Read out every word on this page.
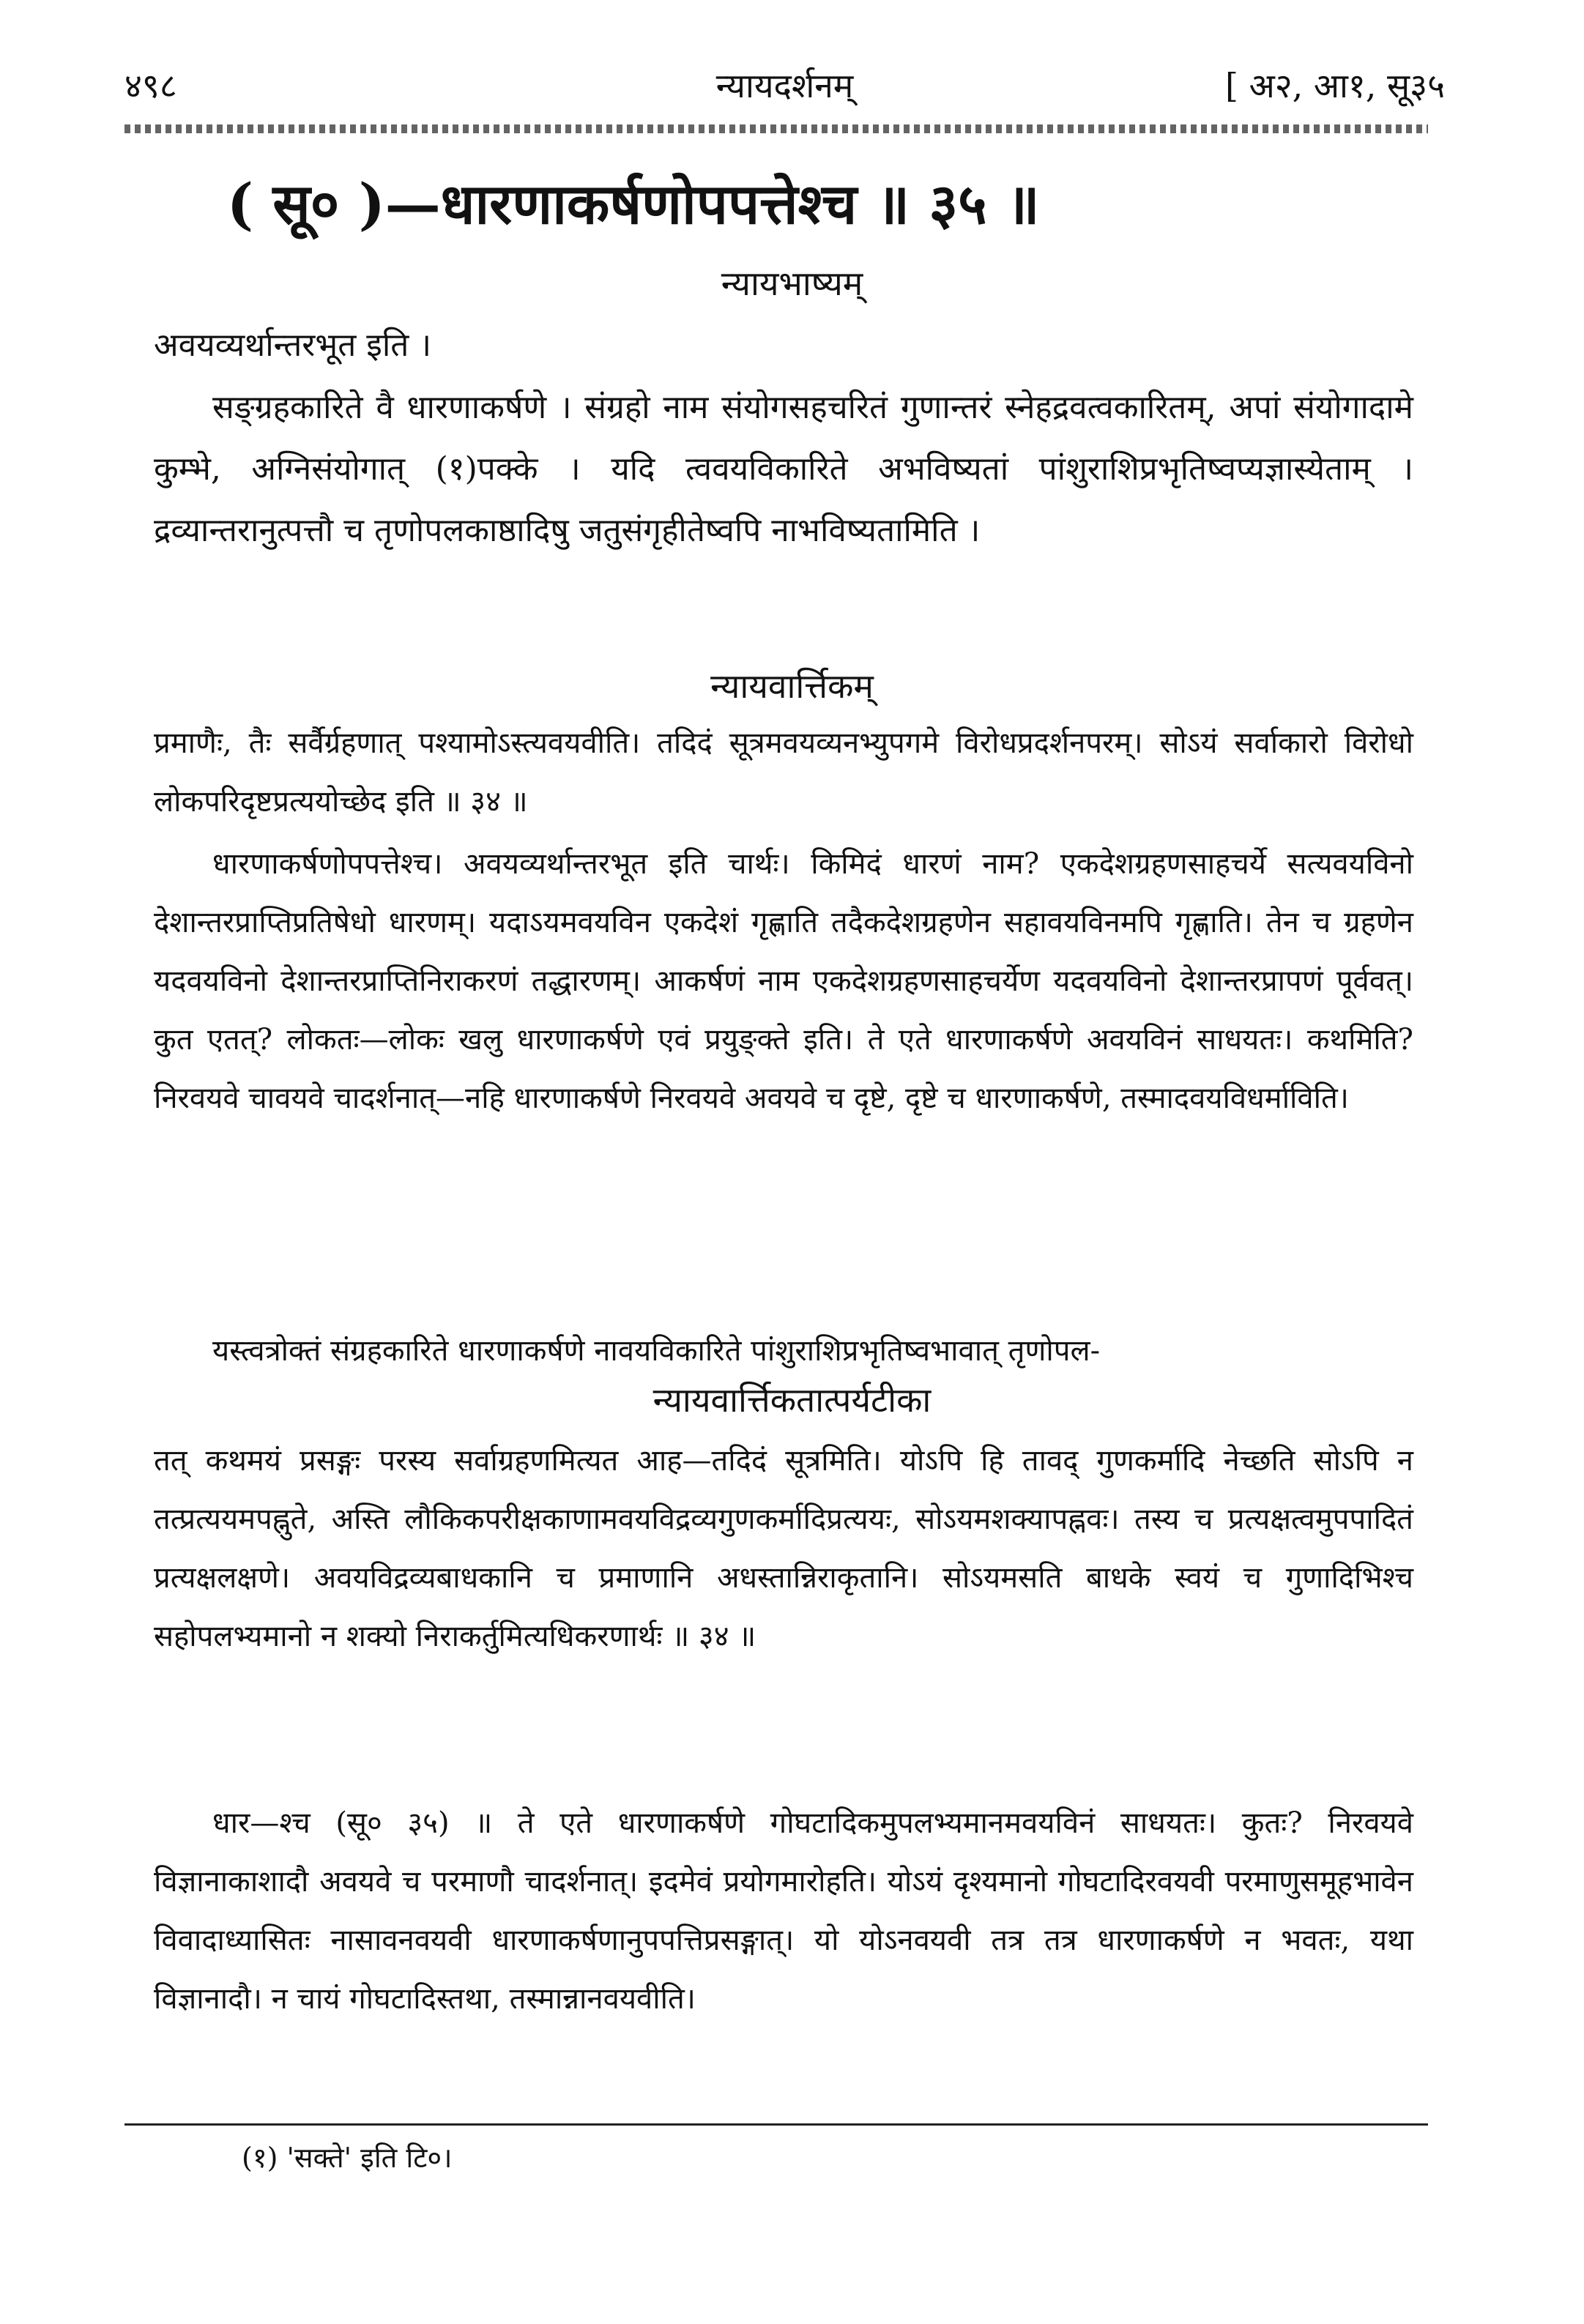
४९८	न्यायदर्शनम्	[ अ२, आ१, सू३५
( सू० )—धारणाकर्षणोपपत्तेश्च ॥ ३५ ॥
न्यायभाष्यम्
अवयव्यर्थान्तरभूत इति ।
सङ्ग्रहकारिते वै धारणाकर्षणे । संग्रहो नाम संयोगसहचरितं गुणान्तरं स्नेहद्रवत्वकारितम्, अपां संयोगादामे कुम्भे, अग्निसंयोगात् (१)पक्के । यदि त्ववयविकारिते अभविष्यतां पांशुराशिप्रभृतिष्वप्यज्ञास्येताम् । द्रव्यान्तरानुत्पत्तौ च तृणोपलकाष्ठादिषु जतुसंगृहीतेष्वपि नाभविष्यतामिति ।
न्यायवार्त्तिकम्
प्रमाणैः, तैः सर्वैर्ग्रहणात् पश्यामोऽस्त्यवयवीति। तदिदं सूत्रमवयव्यनभ्युपगमे विरोधप्रदर्शनपरम्। सोऽयं सर्वाकारो विरोधो लोकपरिदृष्टप्रत्ययोच्छेद इति ॥ ३४ ॥
धारणाकर्षणोपपत्तेश्च। अवयव्यर्थान्तरभूत इति चार्थः। किमिदं धारणं नाम? एकदेशग्रहणसाहचर्ये सत्यवयविनो देशान्तरप्राप्तिप्रतिषेधो धारणम्। यदाऽयमवयविन एकदेशं गृह्णाति तदैकदेशग्रहणेन सहावयविनमपि गृह्णाति। तेन च ग्रहणेन यदवयविनो देशान्तरप्राप्तिनिराकरणं तद्धारणम्। आकर्षणं नाम एकदेशग्रहणसाहचर्येण यदवयविनो देशान्तरप्रापणं पूर्ववत्। कुत एतत्? लोकतः—लोकः खलु धारणाकर्षणे एवं प्रयुङ्क्ते इति। ते एते धारणाकर्षणे अवयविनं साधयतः। कथमिति? निरवयवे चावयवे चादर्शनात्—नहि धारणाकर्षणे निरवयवे अवयवे च दृष्टे, दृष्टे च धारणाकर्षणे, तस्मादवयविधर्माविति।
यस्त्वत्रोक्तं संग्रहकारिते धारणाकर्षणे नावयविकारिते पांशुराशिप्रभृतिष्वभावात् तृणोपल-
न्यायवार्त्तिकतात्पर्यटीका
तत् कथमयं प्रसङ्गः परस्य सर्वाग्रहणमित्यत आह—तदिदं सूत्रमिति। योऽपि हि तावद् गुणकर्मादि नेच्छति सोऽपि न तत्प्रत्ययमपह्नुते, अस्ति लौकिकपरीक्षकाणामवयविद्रव्यगुणकर्मादिप्रत्ययः, सोऽयमशक्यापह्नवः। तस्य च प्रत्यक्षत्वमुपपादितं प्रत्यक्षलक्षणे। अवयविद्रव्यबाधकानि च प्रमाणानि अधस्तान्निराकृतानि। सोऽयमसति बाधके स्वयं च गुणादिभिश्च सहोपलभ्यमानो न शक्यो निराकर्तुमित्यधिकरणार्थः ॥ ३४ ॥
धार—श्च (सू० ३५) ॥ ते एते धारणाकर्षणे गोघटादिकमुपलभ्यमानमवयविनं साधयतः। कुतः? निरवयवे विज्ञानाकाशादौ अवयवे च परमाणौ चादर्शनात्। इदमेवं प्रयोगमारोहति। योऽयं दृश्यमानो गोघटादिरवयवी परमाणुसमूहभावेन विवादाध्यासितः नासावनवयवी धारणाकर्षणानुपपत्तिप्रसङ्गात्। यो योऽनवयवी तत्र तत्र धारणाकर्षणे न भवतः, यथा विज्ञानादौ। न चायं गोघटादिस्तथा, तस्मान्नानवयवीति।
(१) 'सक्ते' इति टि०।
